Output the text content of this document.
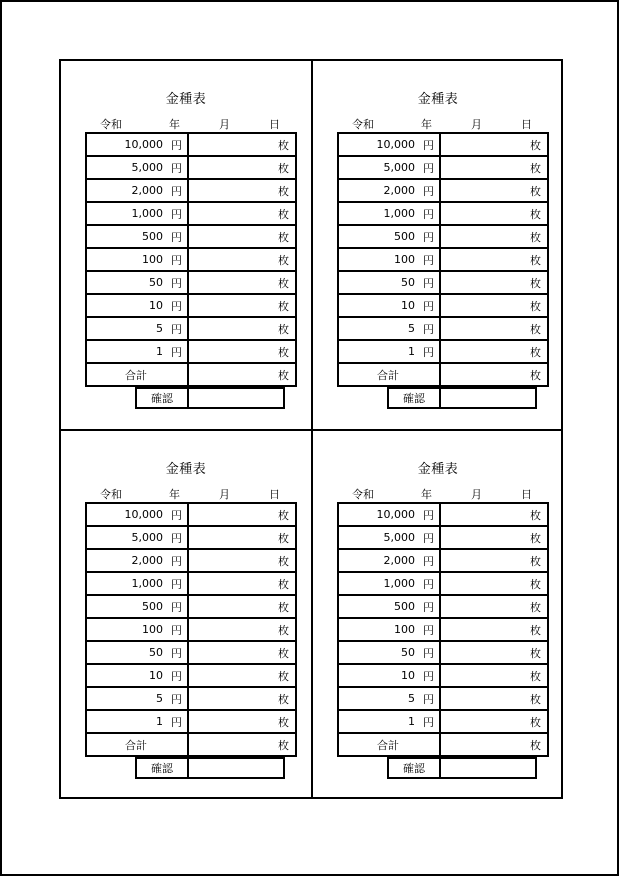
金種表
令和	年	月	日
10,000 円	枚

5,000 円	枚

2,000 円	枚

1,000 円	枚

500 円	枚

100 円	枚

50 円	枚

10 円	枚

5 円	枚

1 円	枚
合計	枚
確認
金種表
令和	年	月	日
10,000 円	枚

5,000 円	枚

2,000 円	枚

1,000 円	枚

500 円	枚

100 円	枚

50 円	枚

10 円	枚

5 円	枚

1 円	枚
合計	枚
確認
金種表
令和	年	月	日
10,000 円	枚

5,000 円	枚

2,000 円	枚

1,000 円	枚

500 円	枚

100 円	枚

50 円	枚

10 円	枚

5 円	枚

1 円	枚
合計	枚
確認
金種表
令和	年	月	日
10,000 円	枚

5,000 円	枚

2,000 円	枚

1,000 円	枚

500 円	枚

100 円	枚

50 円	枚

10 円	枚

5 円	枚

1 円	枚
合計	枚
確認
